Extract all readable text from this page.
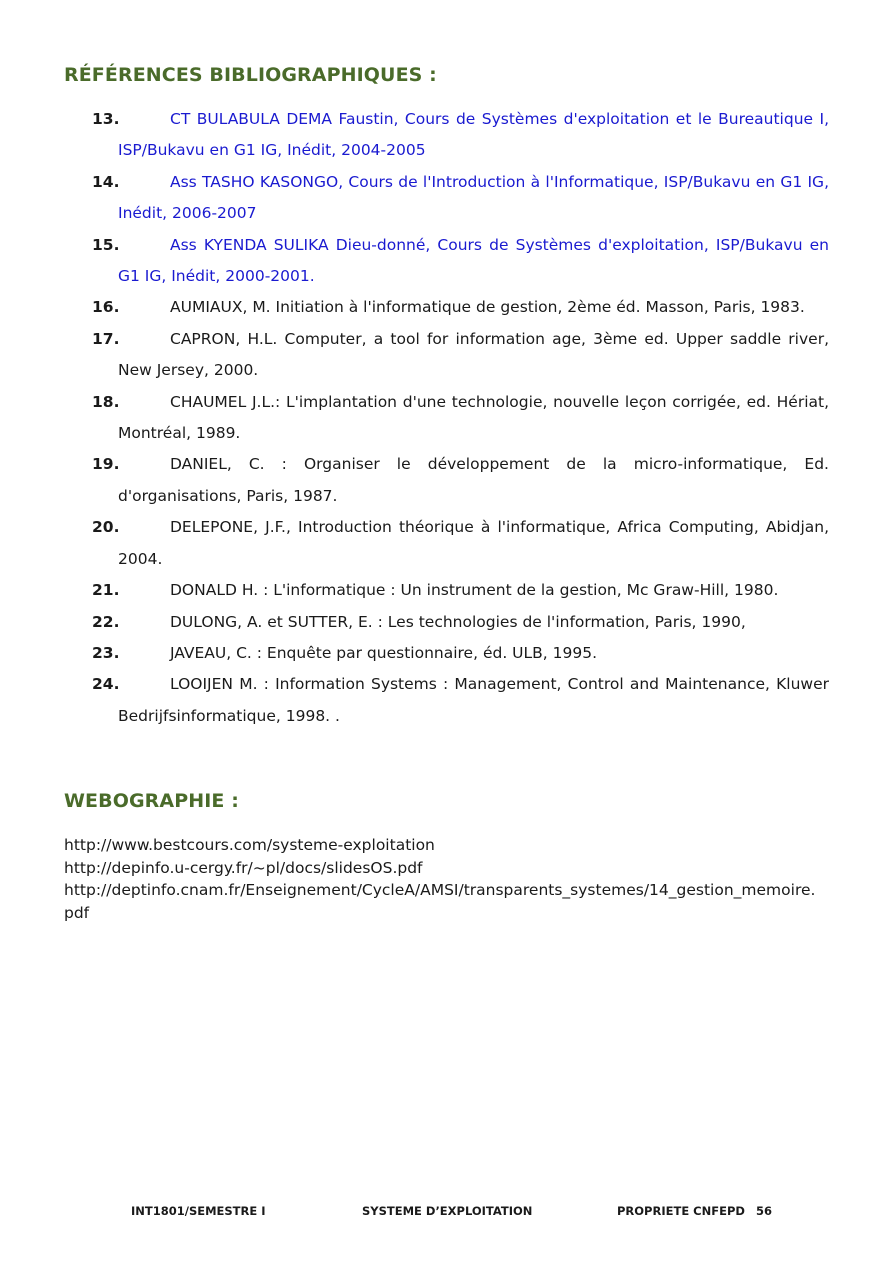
RÉFÉRENCES BIBLIOGRAPHIQUES :
13.	CT BULABULA DEMA Faustin, Cours de Systèmes d'exploitation et le Bureautique I, ISP/Bukavu en G1 IG, Inédit, 2004-2005
14.	Ass TASHO KASONGO, Cours de l'Introduction à l'Informatique, ISP/Bukavu en G1 IG, Inédit, 2006-2007
15.	Ass KYENDA SULIKA Dieu-donné, Cours de Systèmes d'exploitation, ISP/Bukavu en G1 IG, Inédit, 2000-2001.
16.	AUMIAUX, M. Initiation à l'informatique de gestion, 2ème éd. Masson, Paris, 1983.
17.	CAPRON, H.L. Computer, a tool for information age, 3ème ed. Upper saddle river, New Jersey, 2000.
18.	CHAUMEL J.L.: L'implantation d'une technologie, nouvelle leçon corrigée, ed. Hériat, Montréal, 1989.
19.	DANIEL, C. : Organiser le développement de la micro-informatique, Ed. d'organisations, Paris, 1987.
20.	DELEPONE, J.F., Introduction théorique à l'informatique, Africa Computing, Abidjan, 2004.
21.	DONALD H. : L'informatique : Un instrument de la gestion, Mc Graw-Hill, 1980.
22.	DULONG, A. et SUTTER, E. : Les technologies de l'information, Paris, 1990,
23.	JAVEAU, C. : Enquête par questionnaire, éd. ULB, 1995.
24.	LOOIJEN M. : Information Systems : Management, Control and Maintenance, Kluwer Bedrijfsinformatique, 1998. .
WEBOGRAPHIE :
http://www.bestcours.com/systeme-exploitation
http://depinfo.u-cergy.fr/~pl/docs/slidesOS.pdf
http://deptinfo.cnam.fr/Enseignement/CycleA/AMSI/transparents_systemes/14_gestion_memoire.pdf
INT1801/SEMESTRE I	SYSTEME D’EXPLOITATION	PROPRIETE CNFEPD 56
